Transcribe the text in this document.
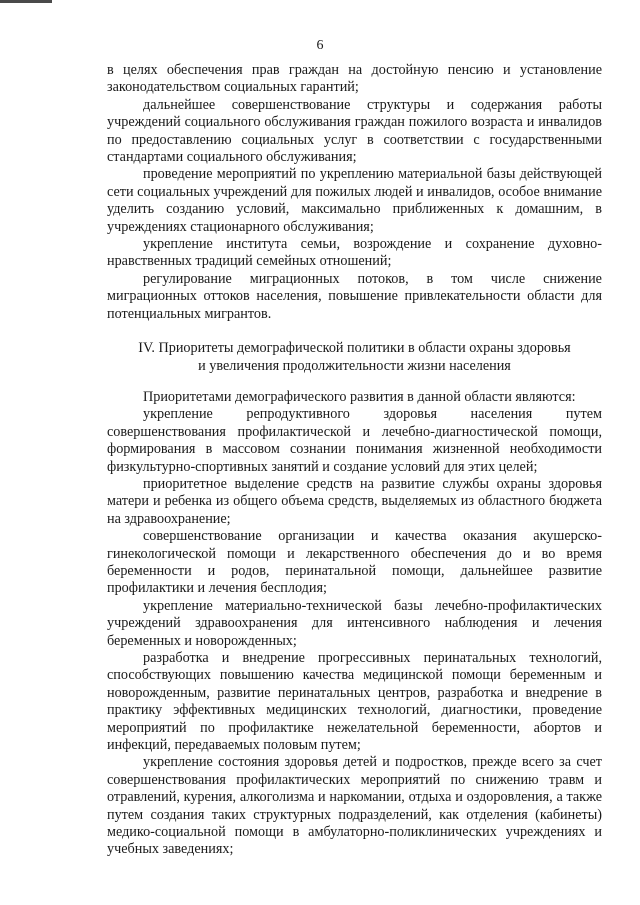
6

в целях обеспечения прав граждан на достойную пенсию и установление законодательством социальных гарантий;

дальнейшее совершенствование структуры и содержания работы учреждений социального обслуживания граждан пожилого возраста и инвалидов по предоставлению социальных услуг в соответствии с государственными стандартами социального обслуживания;

проведение мероприятий по укреплению материальной базы действующей сети социальных учреждений для пожилых людей и инвалидов, особое внимание уделить созданию условий, максимально приближенных к домашним, в учреждениях стационарного обслуживания;

укрепление института семьи, возрождение и сохранение духовно-нравственных традиций семейных отношений;

регулирование миграционных потоков, в том числе снижение миграционных оттоков населения, повышение привлекательности области для потенциальных мигрантов.

IV. Приоритеты демографической политики в области охраны здоровья
и увеличения продолжительности жизни населения

Приоритетами демографического развития в данной области являются:

укрепление репродуктивного здоровья населения путем совершенствования профилактической и лечебно-диагностической помощи, формирования в массовом сознании понимания жизненной необходимости физкультурно-спортивных занятий и создание условий для этих целей;

приоритетное выделение средств на развитие службы охраны здоровья матери и ребенка из общего объема средств, выделяемых из областного бюджета на здравоохранение;

совершенствование организации и качества оказания акушерско-гинекологической помощи и лекарственного обеспечения до и во время беременности и родов, перинатальной помощи, дальнейшее развитие профилактики и лечения бесплодия;

укрепление материально-технической базы лечебно-профилактических учреждений здравоохранения для интенсивного наблюдения и лечения беременных и новорожденных;

разработка и внедрение прогрессивных перинатальных технологий, способствующих повышению качества медицинской помощи беременным и новорожденным, развитие перинатальных центров, разработка и внедрение в практику эффективных медицинских технологий, диагностики, проведение мероприятий по профилактике нежелательной беременности, абортов и инфекций, передаваемых половым путем;

укрепление состояния здоровья детей и подростков, прежде всего за счет совершенствования профилактических мероприятий по снижению травм и отравлений, курения, алкоголизма и наркомании, отдыха и оздоровления, а также путем создания таких структурных подразделений, как отделения (кабинеты) медико-социальной помощи в амбулаторно-поликлинических учреждениях и учебных заведениях;
